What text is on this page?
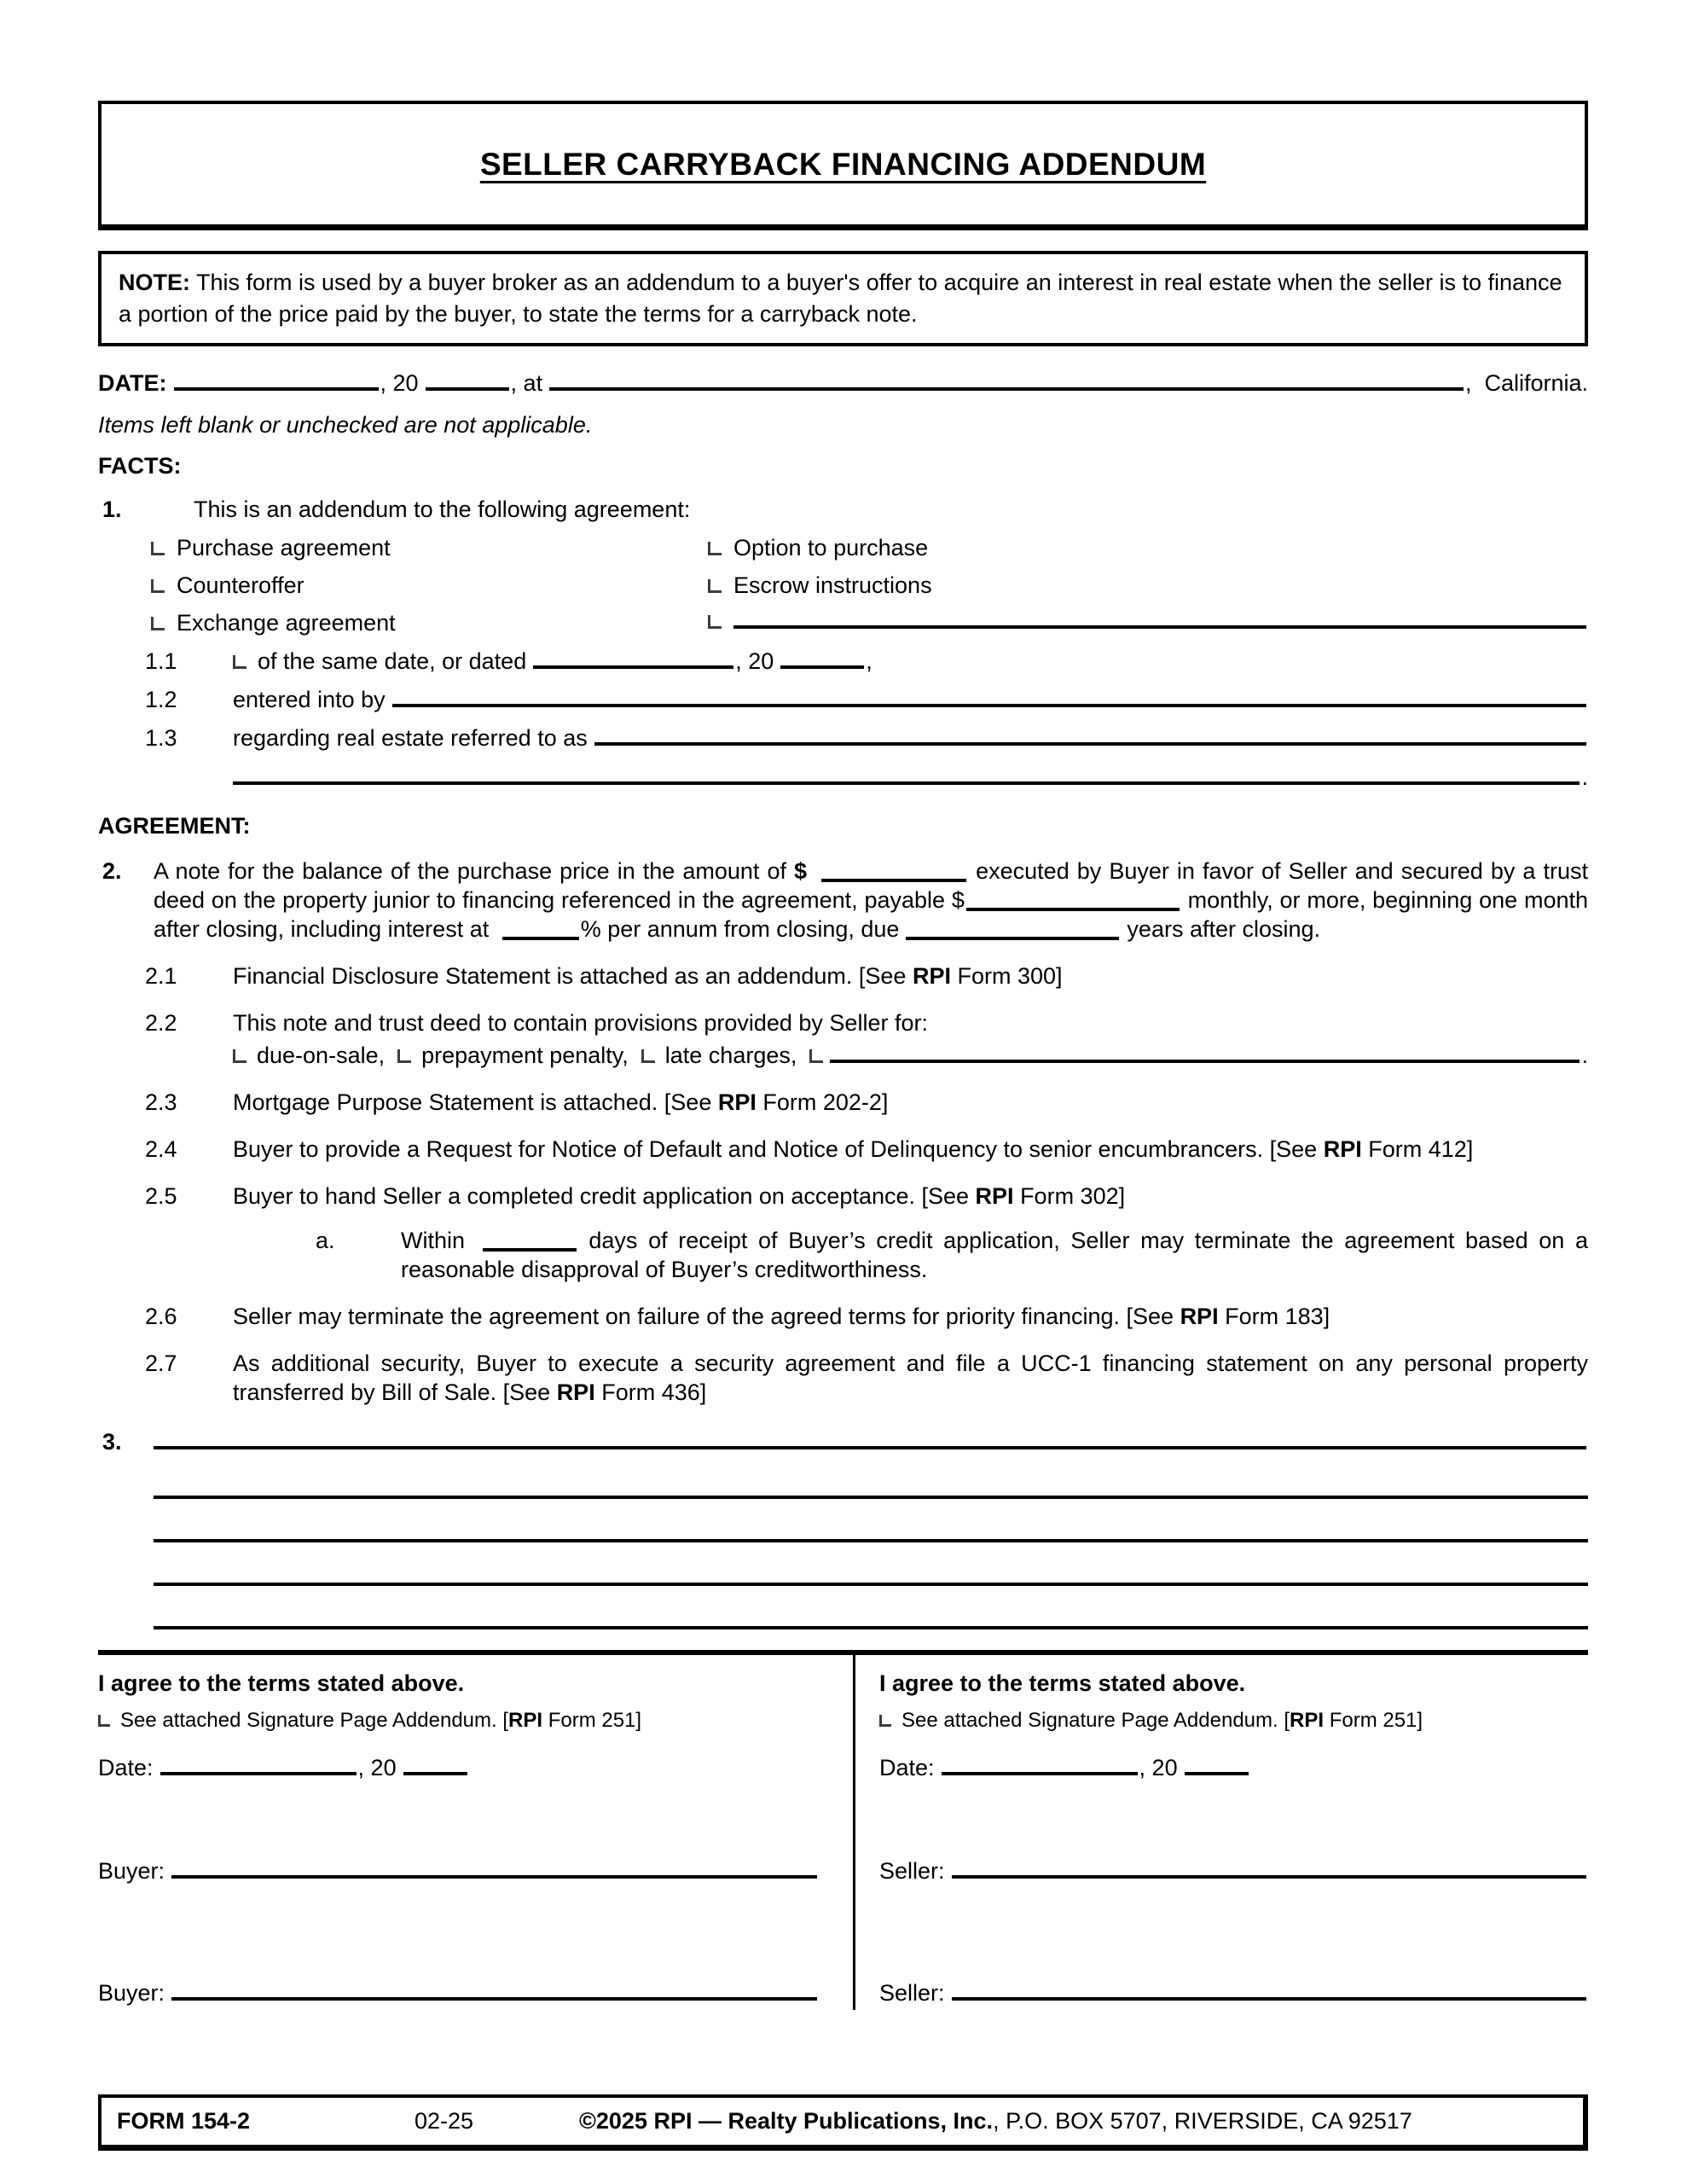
SELLER CARRYBACK FINANCING ADDENDUM
NOTE: This form is used by a buyer broker as an addendum to a buyer's offer to acquire an interest in real estate when the seller is to finance a portion of the price paid by the buyer, to state the terms for a carryback note.
DATE:	, 20	, at	,  California.
Items left blank or unchecked are not applicable.
FACTS:
1.	This is an addendum to the following agreement:
Purchase agreement	Option to purchase
Counteroffer	Escrow instructions
Exchange agreement
1.1	of the same date, or dated	, 20	,
1.2	entered into by
1.3	regarding real estate referred to as
.
AGREEMENT:
2.	A note for the balance of the purchase price in the amount of $	executed by Buyer in favor of Seller and secured by a trust deed on the property junior to financing referenced in the agreement, payable $	monthly, or more, beginning one month after closing, including interest at	% per annum from closing, due	years after closing.
2.1	Financial Disclosure Statement is attached as an addendum. [See RPI Form 300]
2.2	This note and trust deed to contain provisions provided by Seller for:
due-on-sale, prepayment penalty, late charges,	.
2.3	Mortgage Purpose Statement is attached. [See RPI Form 202-2]
2.4	Buyer to provide a Request for Notice of Default and Notice of Delinquency to senior encumbrancers. [See RPI Form 412]
2.5	Buyer to hand Seller a completed credit application on acceptance. [See RPI Form 302]
a.	Within	days of receipt of Buyer’s credit application, Seller may terminate the agreement based on a reasonable disapproval of Buyer’s creditworthiness.
2.6	Seller may terminate the agreement on failure of the agreed terms for priority financing. [See RPI Form 183]
2.7	As additional security, Buyer to execute a security agreement and file a UCC-1 financing statement on any personal property transferred by Bill of Sale. [See RPI Form 436]
3.
I agree to the terms stated above.
See attached Signature Page Addendum. [RPI Form 251]
Date:	, 20
Buyer:
Buyer:
I agree to the terms stated above.
See attached Signature Page Addendum. [RPI Form 251]
Date:	, 20
Seller:
Seller:
FORM 154-2	02-25	©2025 RPI — Realty Publications, Inc., P.O. BOX 5707, RIVERSIDE, CA 92517
